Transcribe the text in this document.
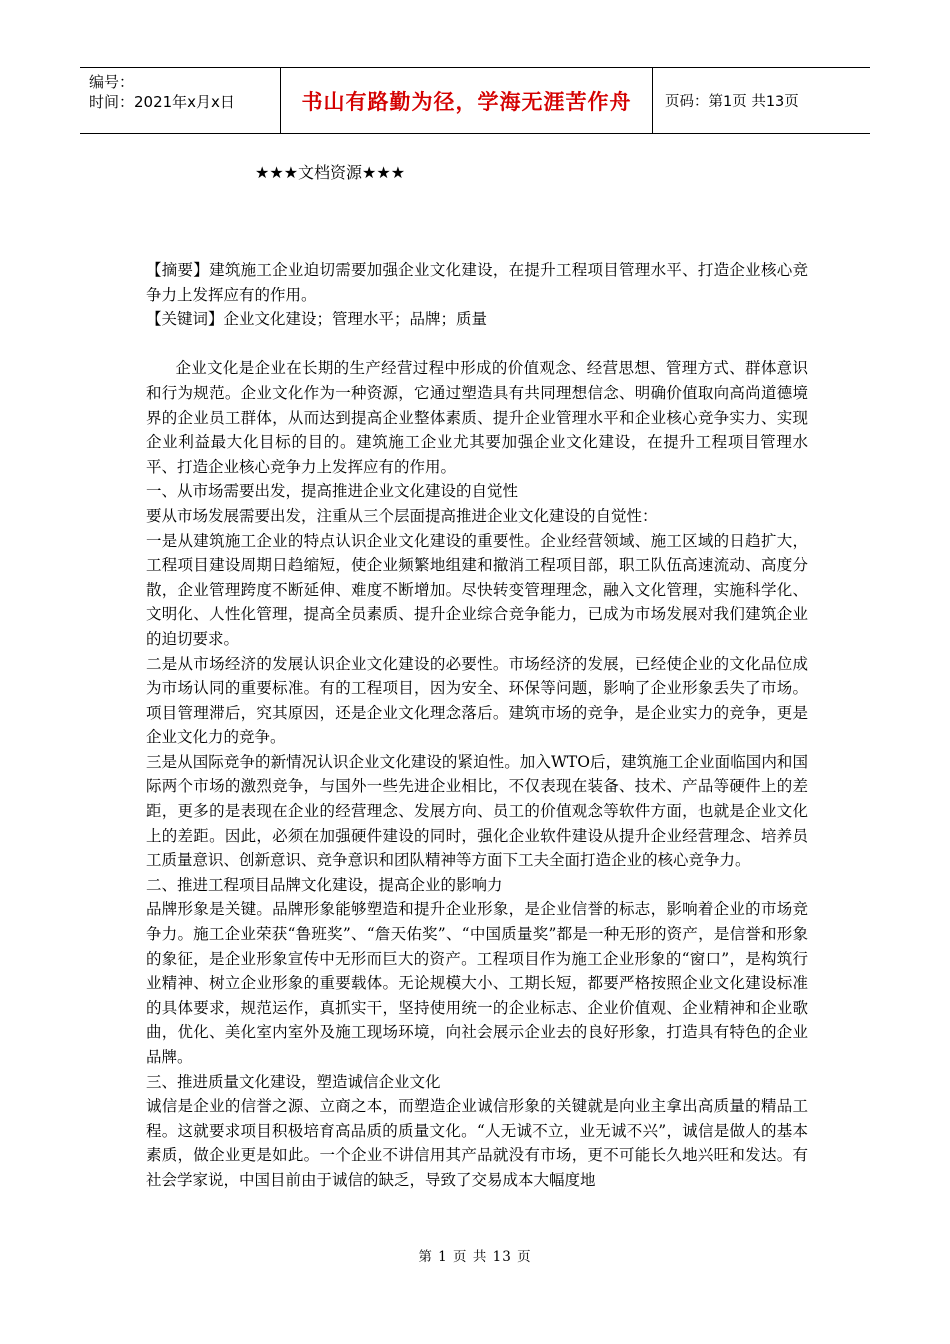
编号：
时间：2021年x月x日	书山有路勤为径，学海无涯苦作舟	页码：第1页 共13页
★★★文档资源★★★

【摘要】建筑施工企业迫切需要加强企业文化建设，在提升工程项目管理水平、打造企业核心竞争力上发挥应有的作用。

【关键词】企业文化建设；管理水平；品牌；质量

企业文化是企业在长期的生产经营过程中形成的价值观念、经营思想、管理方式、群体意识和行为规范。企业文化作为一种资源，它通过塑造具有共同理想信念、明确价值取向高尚道德境界的企业员工群体，从而达到提高企业整体素质、提升企业管理水平和企业核心竞争实力、实现企业利益最大化目标的目的。建筑施工企业尤其要加强企业文化建设，在提升工程项目管理水平、打造企业核心竞争力上发挥应有的作用。

一、从市场需要出发，提高推进企业文化建设的自觉性

要从市场发展需要出发，注重从三个层面提高推进企业文化建设的自觉性：

一是从建筑施工企业的特点认识企业文化建设的重要性。企业经营领域、施工区域的日趋扩大，工程项目建设周期日趋缩短，使企业频繁地组建和撤消工程项目部，职工队伍高速流动、高度分散，企业管理跨度不断延伸、难度不断增加。尽快转变管理理念，融入文化管理，实施科学化、文明化、人性化管理，提高全员素质、提升企业综合竞争能力，已成为市场发展对我们建筑企业的迫切要求。

二是从市场经济的发展认识企业文化建设的必要性。市场经济的发展，已经使企业的文化品位成为市场认同的重要标准。有的工程项目，因为安全、环保等问题，影响了企业形象丢失了市场。项目管理滞后，究其原因，还是企业文化理念落后。建筑市场的竞争，是企业实力的竞争，更是企业文化力的竞争。

三是从国际竞争的新情况认识企业文化建设的紧迫性。加入WTO后，建筑施工企业面临国内和国际两个市场的激烈竞争，与国外一些先进企业相比，不仅表现在装备、技术、产品等硬件上的差距，更多的是表现在企业的经营理念、发展方向、员工的价值观念等软件方面，也就是企业文化上的差距。因此，必须在加强硬件建设的同时，强化企业软件建设从提升企业经营理念、培养员工质量意识、创新意识、竞争意识和团队精神等方面下工夫全面打造企业的核心竞争力。

二、推进工程项目品牌文化建设，提高企业的影响力

品牌形象是关键。品牌形象能够塑造和提升企业形象，是企业信誉的标志，影响着企业的市场竞争力。施工企业荣获“鲁班奖”、“詹天佑奖”、“中国质量奖”都是一种无形的资产，是信誉和形象的象征，是企业形象宣传中无形而巨大的资产。工程项目作为施工企业形象的“窗口”，是构筑行业精神、树立企业形象的重要载体。无论规模大小、工期长短，都要严格按照企业文化建设标准的具体要求，规范运作，真抓实干，坚持使用统一的企业标志、企业价值观、企业精神和企业歌曲，优化、美化室内室外及施工现场环境，向社会展示企业去的良好形象，打造具有特色的企业品牌。

三、推进质量文化建设，塑造诚信企业文化

诚信是企业的信誉之源、立商之本，而塑造企业诚信形象的关键就是向业主拿出高质量的精品工程。这就要求项目积极培育高品质的质量文化。“人无诚不立，业无诚不兴”，诚信是做人的基本素质，做企业更是如此。一个企业不讲信用其产品就没有市场，更不可能长久地兴旺和发达。有社会学家说，中国目前由于诚信的缺乏，导致了交易成本大幅度地

第 1 页 共 13 页
